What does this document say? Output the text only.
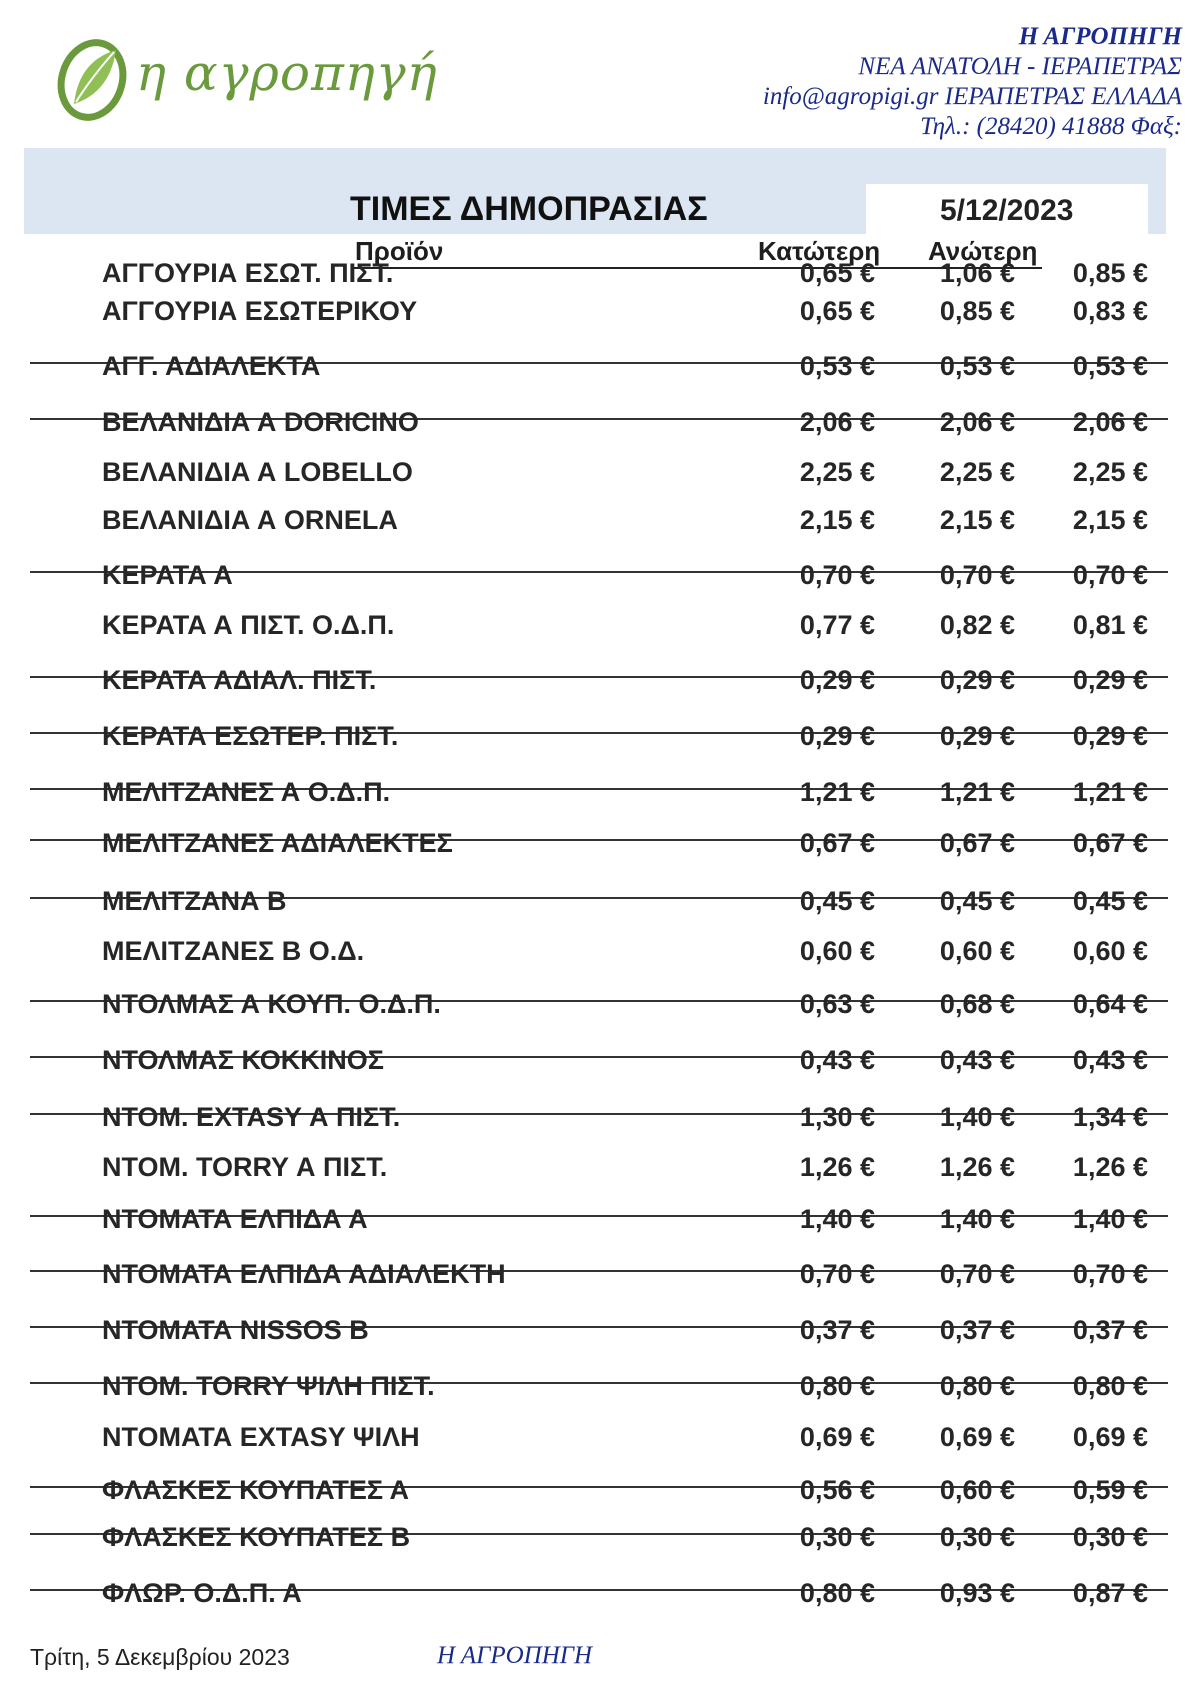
η αγροπηγή
Η ΑΓΡΟΠΗΓΗ
ΝΕΑ ΑΝΑΤΟΛΗ - ΙΕΡΑΠΕΤΡΑΣ
info@agropigi.gr ΙΕΡΑΠΕΤΡΑΣ ΕΛΛΑΔΑ
Τηλ.: (28420) 41888 Φαξ:
ΤΙΜΕΣ ΔΗΜΟΠΡΑΣΙΑΣ	5/12/2023
Προϊόν	Κατώτερη Ανώτερη
ΑΓΓΟΥΡΙΑ ΕΣΩΤ. ΠΙΣΤ.	0,65 € 1,06 € 0,85 €
ΑΓΓΟΥΡΙΑ ΕΣΩΤΕΡΙΚΟΥ	0,65 € 0,85 € 0,83 €
ΑΓΓ. ΑΔΙΑΛΕΚΤΑ	0,53 € 0,53 € 0,53 €
ΒΕΛΑΝΙΔΙΑ Α DORICINO	2,06 € 2,06 € 2,06 €
ΒΕΛΑΝΙΔΙΑ Α LOBELLO	2,25 € 2,25 € 2,25 €
ΒΕΛΑΝΙΔΙΑ Α ORNELA	2,15 € 2,15 € 2,15 €
ΚΕΡΑΤΑ Α	0,70 € 0,70 € 0,70 €
ΚΕΡΑΤΑ Α ΠΙΣΤ. Ο.Δ.Π.	0,77 € 0,82 € 0,81 €
ΚΕΡΑΤΑ ΑΔΙΑΛ. ΠΙΣΤ.	0,29 € 0,29 € 0,29 €
ΚΕΡΑΤΑ ΕΣΩΤΕΡ. ΠΙΣΤ.	0,29 € 0,29 € 0,29 €
ΜΕΛΙΤΖΑΝΕΣ Α Ο.Δ.Π.	1,21 € 1,21 € 1,21 €
ΜΕΛΙΤΖΑΝΕΣ ΑΔΙΑΛΕΚΤΕΣ	0,67 € 0,67 € 0,67 €
ΜΕΛΙΤΖΑΝΑ Β	0,45 € 0,45 € 0,45 €
ΜΕΛΙΤΖΑΝΕΣ Β Ο.Δ.	0,60 € 0,60 € 0,60 €
ΝΤΟΛΜΑΣ Α ΚΟΥΠ. Ο.Δ.Π.	0,63 € 0,68 € 0,64 €
ΝΤΟΛΜΑΣ ΚΟΚΚΙΝΟΣ	0,43 € 0,43 € 0,43 €
ΝΤΟΜ. EXTASY Α ΠΙΣΤ.	1,30 € 1,40 € 1,34 €
ΝΤΟΜ. TORRY Α ΠΙΣΤ.	1,26 € 1,26 € 1,26 €
ΝΤΟΜΑΤΑ ΕΛΠΙΔΑ Α	1,40 € 1,40 € 1,40 €
ΝΤΟΜΑΤΑ ΕΛΠΙΔΑ ΑΔΙΑΛΕΚΤΗ	0,70 € 0,70 € 0,70 €
ΝΤΟΜΑΤΑ NISSOS Β	0,37 € 0,37 € 0,37 €
ΝΤΟΜ. TORRY ΨΙΛΗ ΠΙΣΤ.	0,80 € 0,80 € 0,80 €
ΝΤΟΜΑΤΑ EXTASY ΨΙΛΗ	0,69 € 0,69 € 0,69 €
ΦΛΑΣΚΕΣ ΚΟΥΠΑΤΕΣ Α	0,56 € 0,60 € 0,59 €
ΦΛΑΣΚΕΣ ΚΟΥΠΑΤΕΣ Β	0,30 € 0,30 € 0,30 €
ΦΛΩΡ. Ο.Δ.Π. Α	0,80 € 0,93 € 0,87 €
Τρίτη, 5 Δεκεμβρίου 2023	Η ΑΓΡΟΠΗΓΗ
